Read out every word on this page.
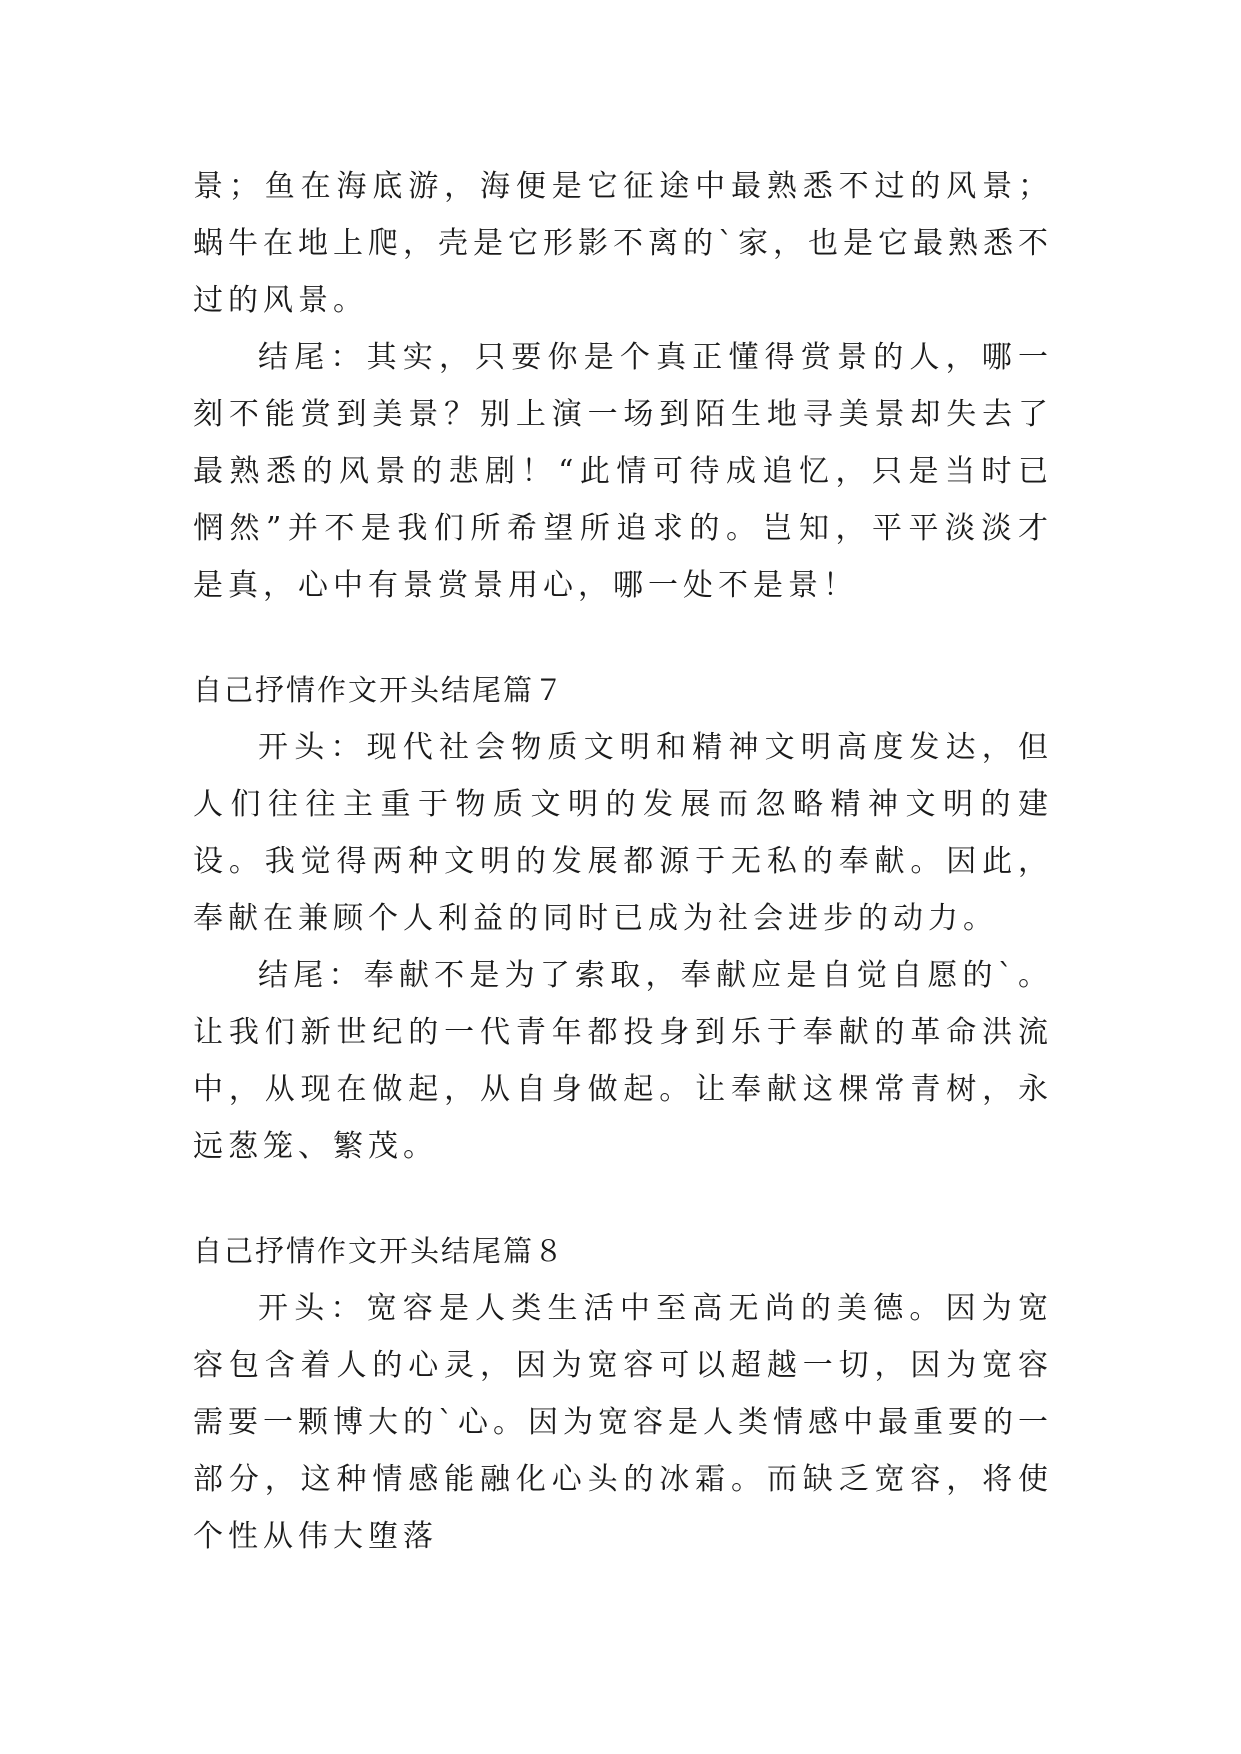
景；鱼在海底游，海便是它征途中最熟悉不过的风景；蜗牛在地上爬，壳是它形影不离的`家，也是它最熟悉不过的风景。

结尾：其实，只要你是个真正懂得赏景的人，哪一刻不能赏到美景？别上演一场到陌生地寻美景却失去了最熟悉的风景的悲剧！“此情可待成追忆，只是当时已惘然”并不是我们所希望所追求的。岂知，平平淡淡才是真，心中有景赏景用心，哪一处不是景！

自己抒情作文开头结尾篇７

开头：现代社会物质文明和精神文明高度发达，但人们往往主重于物质文明的发展而忽略精神文明的建设。我觉得两种文明的发展都源于无私的奉献。因此，奉献在兼顾个人利益的同时已成为社会进步的动力。

结尾：奉献不是为了索取，奉献应是自觉自愿的`。让我们新世纪的一代青年都投身到乐于奉献的革命洪流中，从现在做起，从自身做起。让奉献这棵常青树，永远葱笼、繁茂。

自己抒情作文开头结尾篇８

开头：宽容是人类生活中至高无尚的美德。因为宽容包含着人的心灵，因为宽容可以超越一切，因为宽容需要一颗博大的`心。因为宽容是人类情感中最重要的一部分，这种情感能融化心头的冰霜。而缺乏宽容，将使个性从伟大堕落
